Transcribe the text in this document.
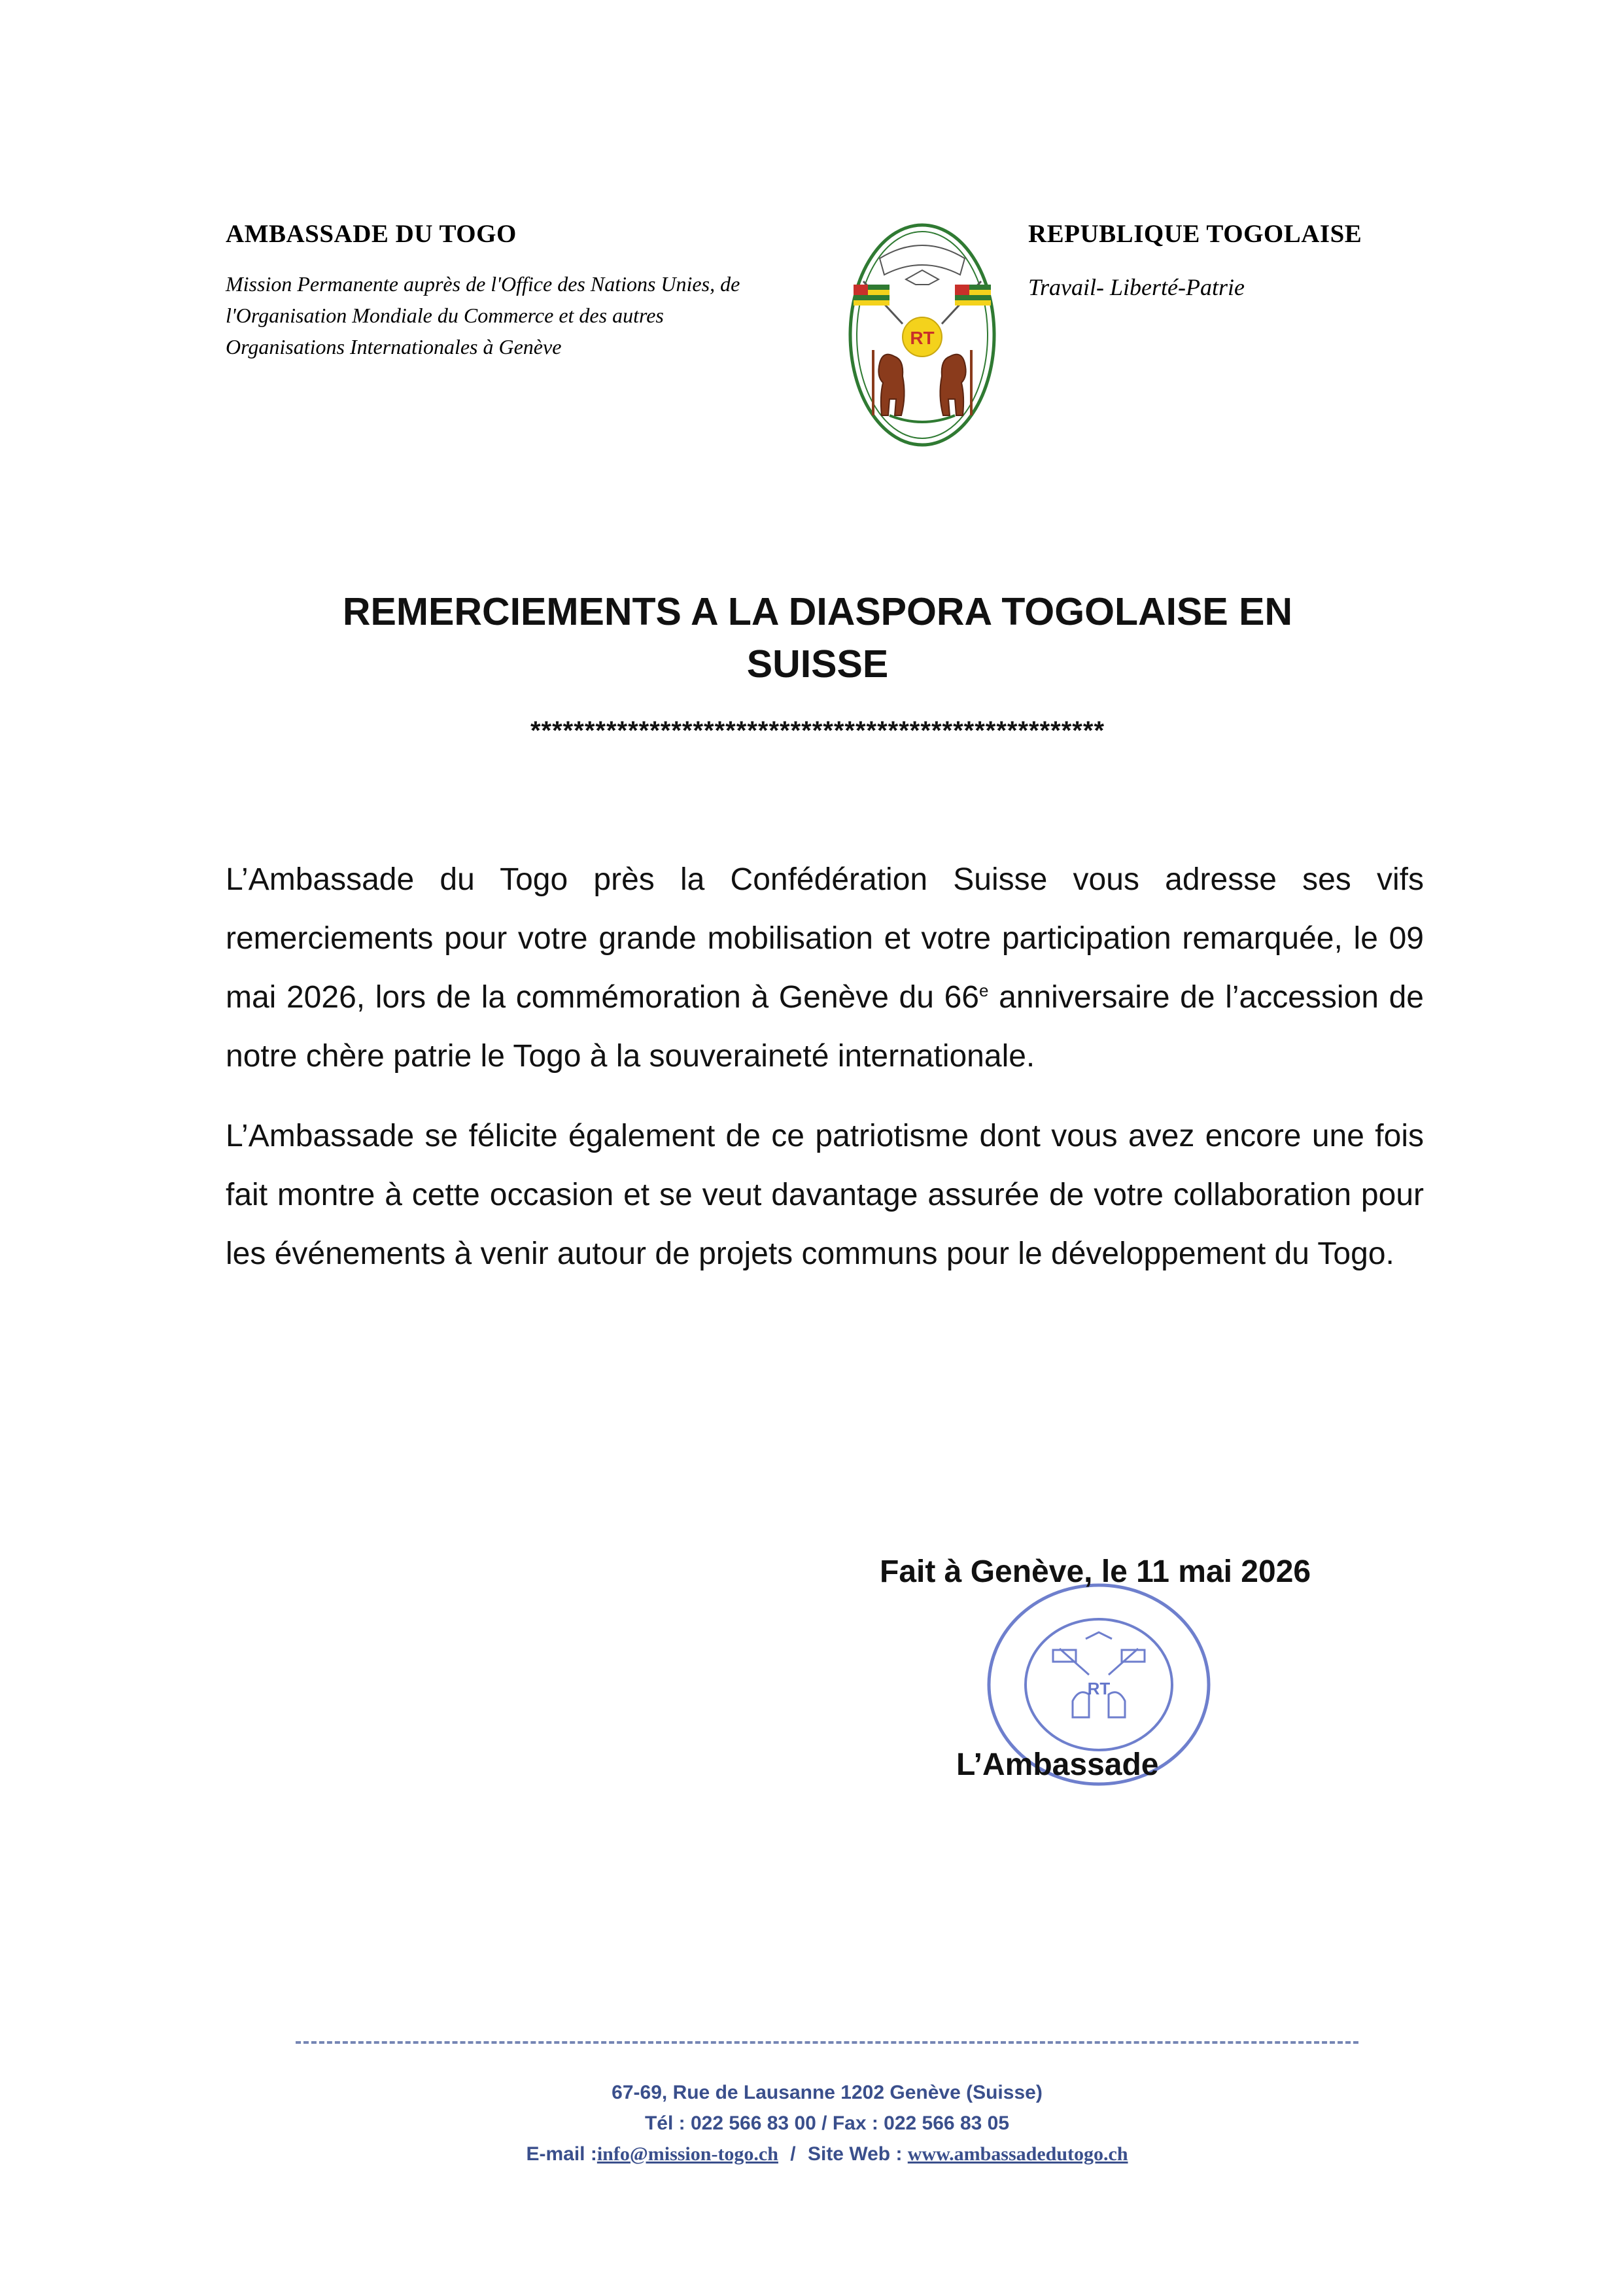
AMBASSADE DU TOGO
Mission Permanente auprès de l'Office des Nations Unies, de
l'Organisation Mondiale du Commerce et des autres
Organisations Internationales à Genève	RT
REPUBLIQUE TOGOLAISE
Travail- Liberté-Patrie
REMERCIEMENTS A LA DIASPORA TOGOLAISE EN
SUISSE
*****************************************************

L’Ambassade du Togo près la Confédération Suisse vous adresse ses vifs remerciements pour votre grande mobilisation et votre participation remarquée, le 09 mai 2026, lors de la commémoration à Genève du 66e anniversaire de l’accession de notre chère patrie le Togo à la souveraineté internationale.

L’Ambassade se félicite également de ce patriotisme dont vous avez encore une fois fait montre à cette occasion et se veut davantage assurée de votre collaboration pour les événements à venir autour de projets communs pour le développement du Togo.

RT
Fait à Genève, le 11 mai 2026
L’Ambassade
67-69, Rue de Lausanne 1202 Genève (Suisse)
Tél : 022 566 83 00 / Fax : 022 566 83 05
E-mail :info@mission-togo.ch / Site Web : www.ambassadedutogo.ch
